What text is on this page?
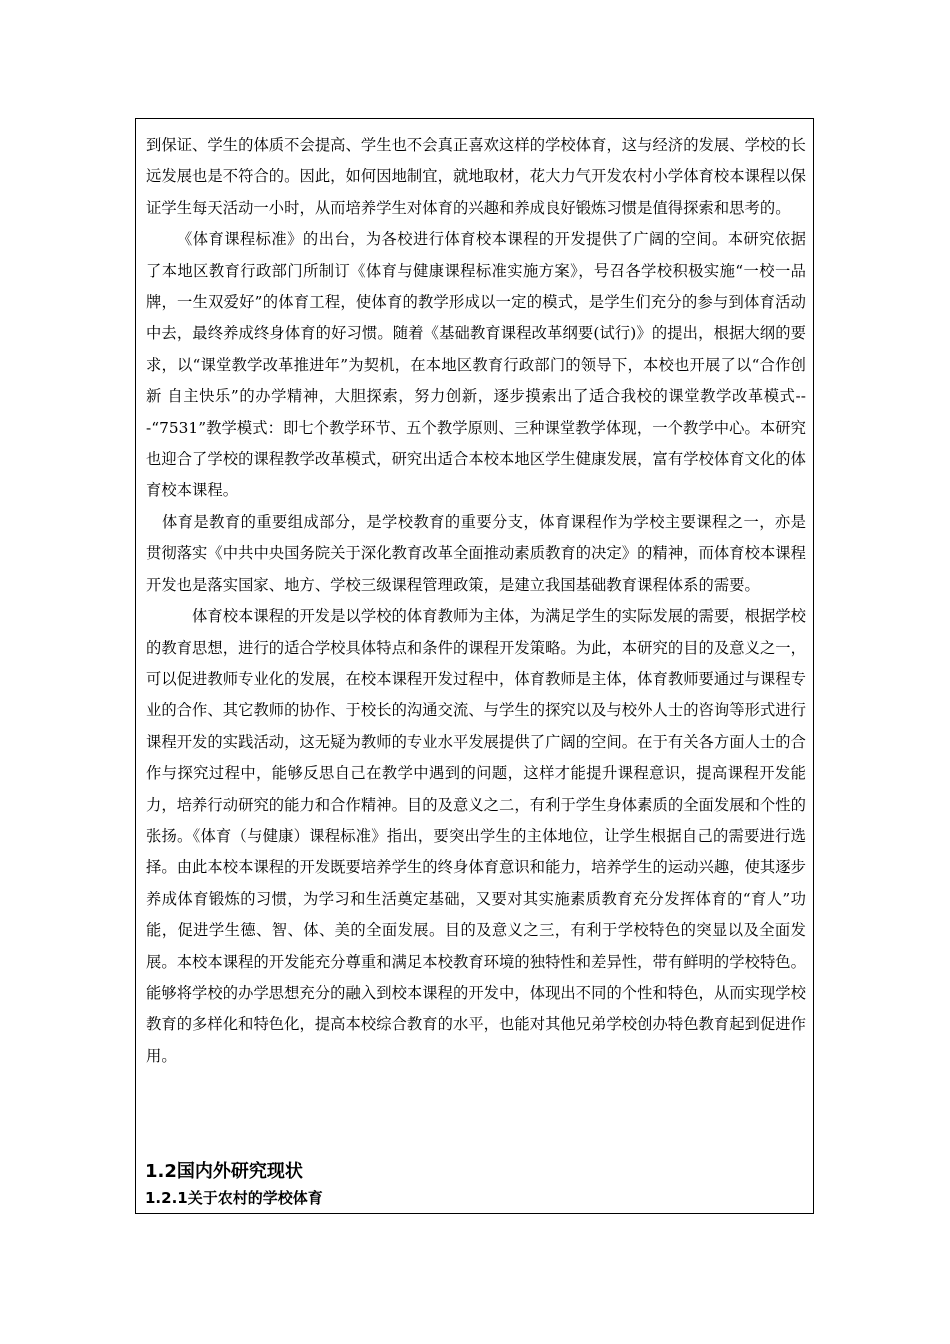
到保证、学生的体质不会提高、学生也不会真正喜欢这样的学校体育，这与经济的发展、学校的长远发展也是不符合的。因此，如何因地制宜，就地取材，花大力气开发农村小学体育校本课程以保证学生每天活动一小时，从而培养学生对体育的兴趣和养成良好锻炼习惯是值得探索和思考的。

《体育课程标准》的出台，为各校进行体育校本课程的开发提供了广阔的空间。本研究依据了本地区教育行政部门所制订《体育与健康课程标准实施方案》，号召各学校积极实施“一校一品牌，一生双爱好”的体育工程，使体育的教学形成以一定的模式，是学生们充分的参与到体育活动中去，最终养成终身体育的好习惯。随着《基础教育课程改革纲要(试行)》的提出，根据大纲的要求，以“课堂教学改革推进年”为契机，在本地区教育行政部门的领导下，本校也开展了以“合作创新 自主快乐”的办学精神，大胆探索，努力创新，逐步摸索出了适合我校的课堂教学改革模式---“7531”教学模式：即七个教学环节、五个教学原则、三种课堂教学体现，一个教学中心。本研究也迎合了学校的课程教学改革模式，研究出适合本校本地区学生健康发展，富有学校体育文化的体育校本课程。

体育是教育的重要组成部分，是学校教育的重要分支，体育课程作为学校主要课程之一，亦是贯彻落实《中共中央国务院关于深化教育改革全面推动素质教育的决定》的精神，而体育校本课程开发也是落实国家、地方、学校三级课程管理政策，是建立我国基础教育课程体系的需要。

体育校本课程的开发是以学校的体育教师为主体，为满足学生的实际发展的需要，根据学校的教育思想，进行的适合学校具体特点和条件的课程开发策略。为此，本研究的目的及意义之一，可以促进教师专业化的发展，在校本课程开发过程中，体育教师是主体，体育教师要通过与课程专业的合作、其它教师的协作、于校长的沟通交流、与学生的探究以及与校外人士的咨询等形式进行课程开发的实践活动，这无疑为教师的专业水平发展提供了广阔的空间。在于有关各方面人士的合作与探究过程中，能够反思自己在教学中遇到的问题，这样才能提升课程意识，提高课程开发能力，培养行动研究的能力和合作精神。目的及意义之二，有利于学生身体素质的全面发展和个性的张扬。《体育（与健康）课程标准》指出，要突出学生的主体地位，让学生根据自己的需要进行选择。由此本校本课程的开发既要培养学生的终身体育意识和能力，培养学生的运动兴趣，使其逐步养成体育锻炼的习惯，为学习和生活奠定基础，又要对其实施素质教育充分发挥体育的“育人”功能，促进学生德、智、体、美的全面发展。目的及意义之三，有利于学校特色的突显以及全面发展。本校本课程的开发能充分尊重和满足本校教育环境的独特性和差异性，带有鲜明的学校特色。能够将学校的办学思想充分的融入到校本课程的开发中，体现出不同的个性和特色，从而实现学校教育的多样化和特色化，提高本校综合教育的水平，也能对其他兄弟学校创办特色教育起到促进作用。

1.2国内外研究现状
1.2.1关于农村的学校体育
